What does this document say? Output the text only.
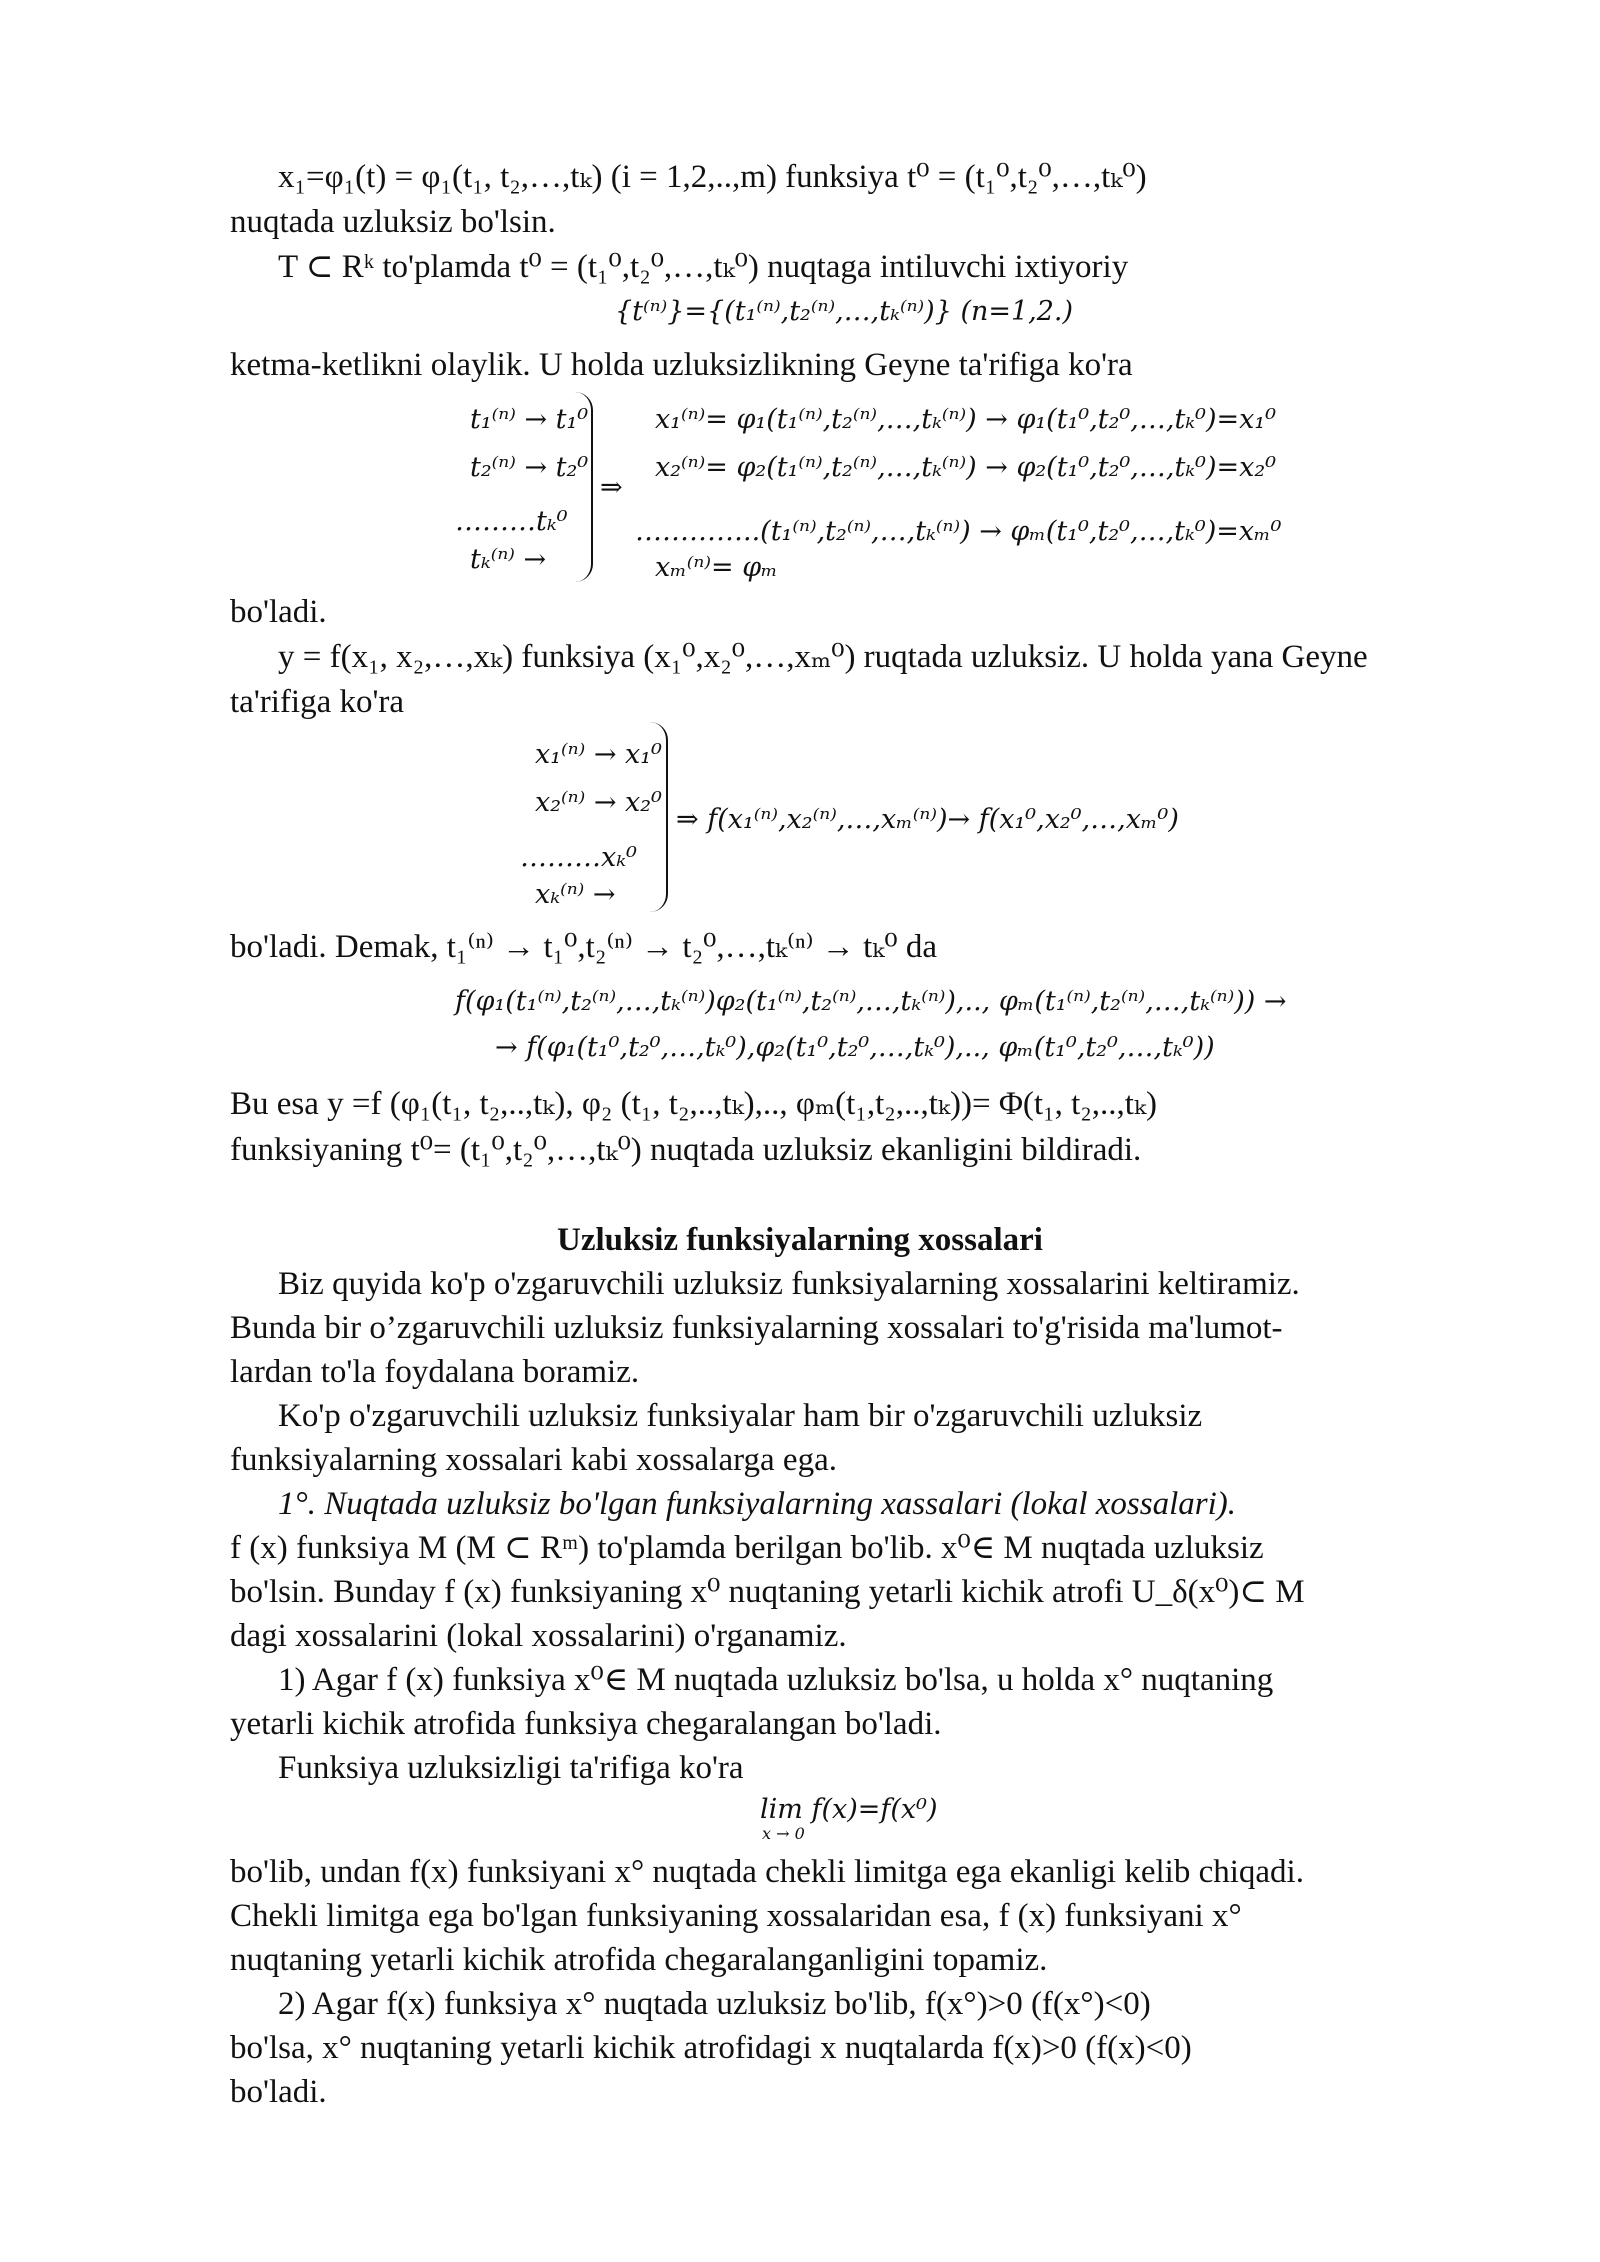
x₁=φ₁(t) = φ₁(t₁, t₂,…,tₖ) (i = 1,2,..,m) funksiya t⁰ = (t₁⁰,t₂⁰,…,tₖ⁰)
nuqtada uzluksiz bo'lsin.
T ⊂ Rᵏ to'plamda t⁰ = (t₁⁰,t₂⁰,…,tₖ⁰) nuqtaga intiluvchi ixtiyoriy
{t⁽ⁿ⁾}={(t₁⁽ⁿ⁾,t₂⁽ⁿ⁾,…,tₖ⁽ⁿ⁾)} (n=1,2.)
ketma-ketlikni olaylik. U holda uzluksizlikning Geyne ta'rifiga ko'ra
t₁⁽ⁿ⁾ → t₁⁰ x₁⁽ⁿ⁾= φ₁(t₁⁽ⁿ⁾,t₂⁽ⁿ⁾,…,tₖ⁽ⁿ⁾) → φ₁(t₁⁰,t₂⁰,…,tₖ⁰)=x₁⁰
t₂⁽ⁿ⁾ → t₂⁰ x₂⁽ⁿ⁾= φ₂(t₁⁽ⁿ⁾,t₂⁽ⁿ⁾,…,tₖ⁽ⁿ⁾) → φ₂(t₁⁰,t₂⁰,…,tₖ⁰)=x₂⁰
⇒
………tₖ⁰ …………..(t₁⁽ⁿ⁾,t₂⁽ⁿ⁾,…,tₖ⁽ⁿ⁾) → φₘ(t₁⁰,t₂⁰,…,tₖ⁰)=xₘ⁰
tₖ⁽ⁿ⁾ →	xₘ⁽ⁿ⁾= φₘ
bo'ladi.
y = f(x₁, x₂,…,xₖ) funksiya (x₁⁰,x₂⁰,…,xₘ⁰) ruqtada uzluksiz. U holda yana Geyne
ta'rifiga ko'ra
x₁⁽ⁿ⁾ → x₁⁰
x₂⁽ⁿ⁾ → x₂⁰
⇒ f(x₁⁽ⁿ⁾,x₂⁽ⁿ⁾,…,xₘ⁽ⁿ⁾)→ f(x₁⁰,x₂⁰,…,xₘ⁰)
………xₖ⁰
xₖ⁽ⁿ⁾ →
bo'ladi. Demak, t₁⁽ⁿ⁾ → t₁⁰,t₂⁽ⁿ⁾ → t₂⁰,…,tₖ⁽ⁿ⁾ → tₖ⁰ da
f(φ₁(t₁⁽ⁿ⁾,t₂⁽ⁿ⁾,…,tₖ⁽ⁿ⁾)φ₂(t₁⁽ⁿ⁾,t₂⁽ⁿ⁾,…,tₖ⁽ⁿ⁾),.., φₘ(t₁⁽ⁿ⁾,t₂⁽ⁿ⁾,…,tₖ⁽ⁿ⁾)) →
→ f(φ₁(t₁⁰,t₂⁰,…,tₖ⁰),φ₂(t₁⁰,t₂⁰,…,tₖ⁰),.., φₘ(t₁⁰,t₂⁰,…,tₖ⁰))
Bu esa y =f (φ₁(t₁, t₂,..,tₖ), φ₂ (t₁, t₂,..,tₖ),.., φₘ(t₁,t₂,..,tₖ))= Φ(t₁, t₂,..,tₖ)
funksiyaning t⁰= (t₁⁰,t₂⁰,…,tₖ⁰) nuqtada uzluksiz ekanligini bildiradi.
Uzluksiz funksiyalarning xossalari
Biz quyida ko'p o'zgaruvchili uzluksiz funksiyalarning xossalarini keltiramiz.
Bunda bir o’zgaruvchili uzluksiz funksiyalarning xossalari to'g'risida ma'lumot-
lardan to'la foydalana boramiz.
Ko'p o'zgaruvchili uzluksiz funksiyalar ham bir o'zgaruvchili uzluksiz
funksiyalarning xossalari kabi xossalarga ega.
1°. Nuqtada uzluksiz bo'lgan funksiyalarning xassalari (lokal xossalari).
f (x) funksiya M (M ⊂ Rᵐ) to'plamda berilgan bo'lib. x⁰∈ M nuqtada uzluksiz
bo'lsin. Bunday f (x) funksiyaning x⁰ nuqtaning yetarli kichik atrofi U_δ(x⁰)⊂ M
dagi xossalarini (lokal xossalarini) o'rganamiz.
1) Agar f (x) funksiya x⁰∈ M nuqtada uzluksiz bo'lsa, u holda x° nuqtaning
yetarli kichik atrofida funksiya chegaralangan bo'ladi.
Funksiya uzluksizligi ta'rifiga ko'ra
lim f(x)=f(x⁰)
x → 0
bo'lib, undan f(x) funksiyani x° nuqtada chekli limitga ega ekanligi kelib chiqadi.
Chekli limitga ega bo'lgan funksiyaning xossalaridan esa, f (x) funksiyani x°
nuqtaning yetarli kichik atrofida chegaralanganligini topamiz.
2) Agar f(x) funksiya x° nuqtada uzluksiz bo'lib, f(x°)>0 (f(x°)<0)
bo'lsa, x° nuqtaning yetarli kichik atrofidagi x nuqtalarda f(x)>0 (f(x)<0)
bo'ladi.
